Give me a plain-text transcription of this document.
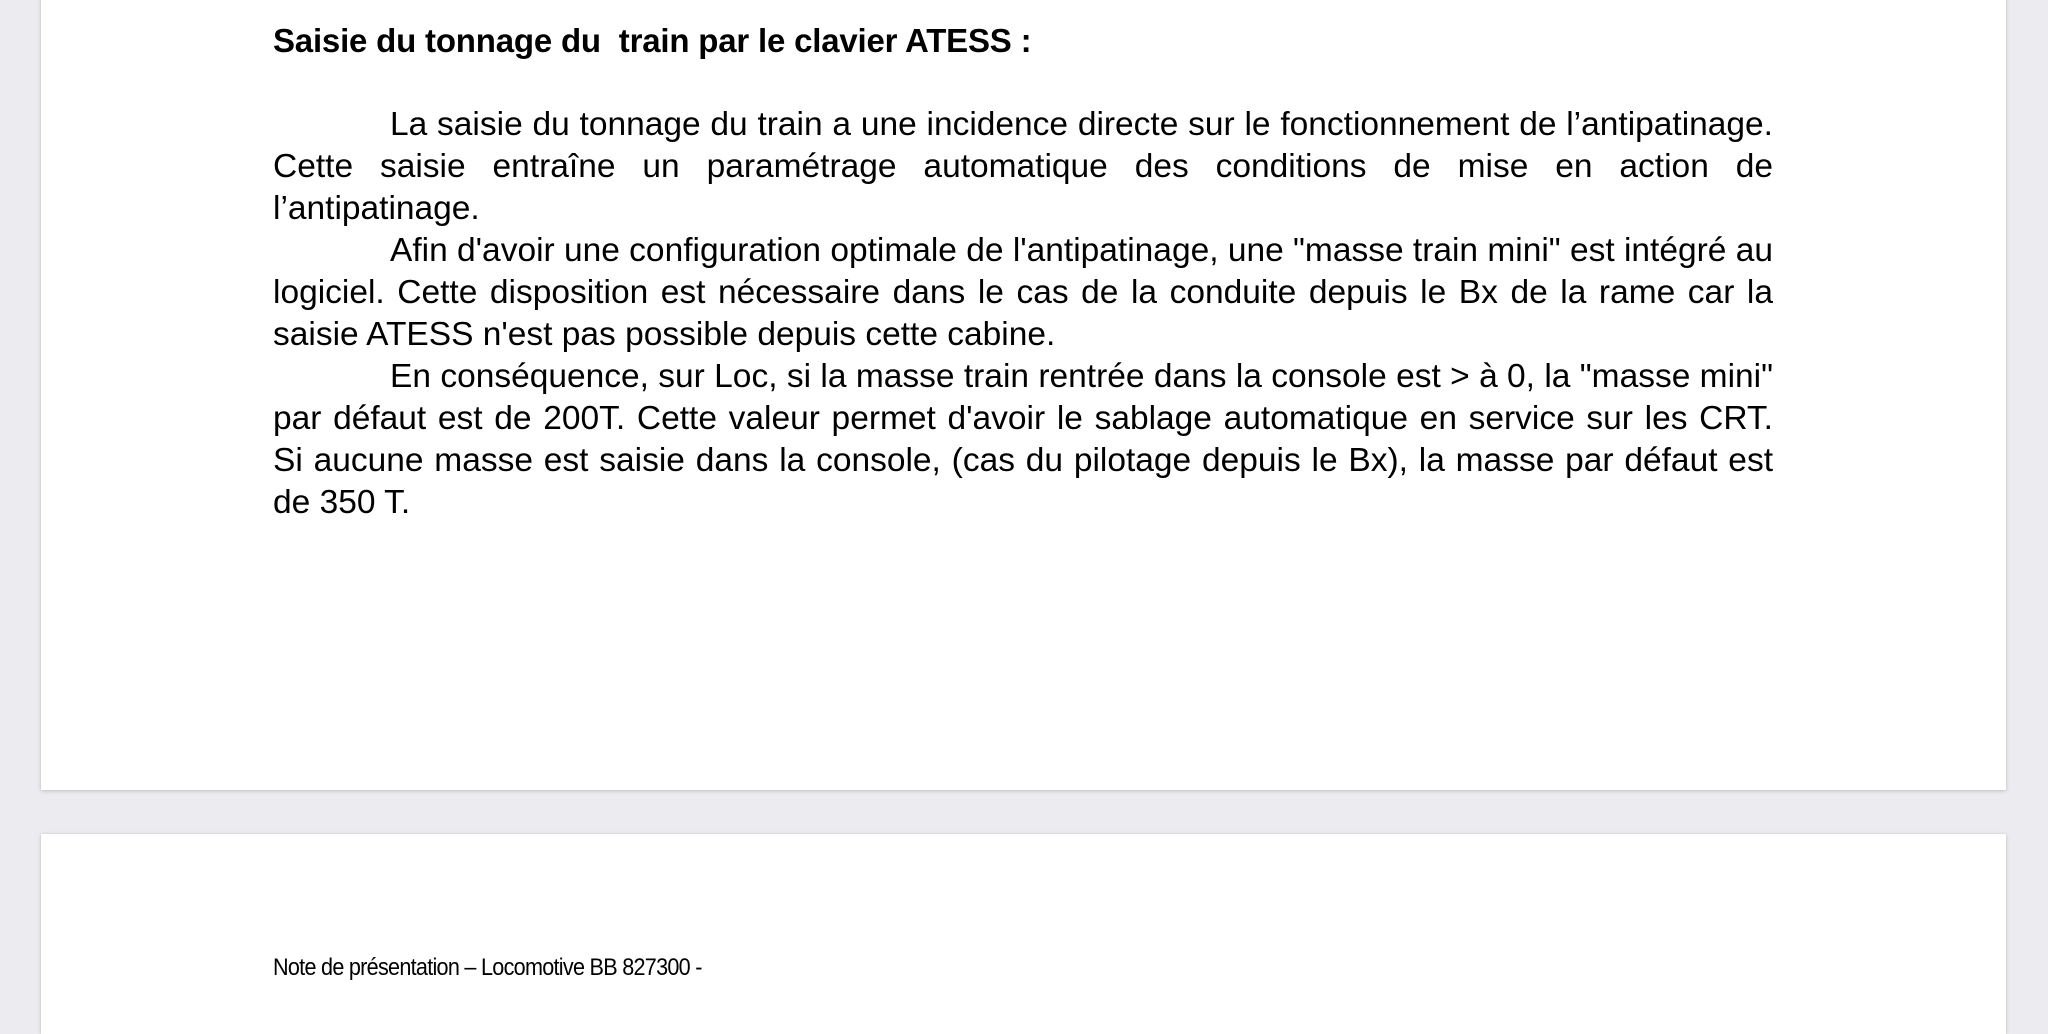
Saisie du tonnage du  train par le clavier ATESS :

La saisie du tonnage du train a une incidence directe sur le fonctionnement de l’antipatinage. Cette saisie entraîne un paramétrage automatique des conditions de mise en action de l’antipatinage.

Afin d'avoir une configuration optimale de l'antipatinage, une "masse train mini" est intégré au logiciel. Cette disposition est nécessaire dans le cas de la conduite depuis le Bx de la rame car la saisie ATESS n'est pas possible depuis cette cabine.

En conséquence, sur Loc, si la masse train rentrée dans la console est > à 0, la "masse mini" par défaut est de 200T. Cette valeur permet d'avoir le sablage automatique en service sur les CRT. Si aucune masse est saisie dans la console, (cas du pilotage depuis le Bx), la masse par défaut est de 350 T.

Note de présentation – Locomotive BB 827300 -
